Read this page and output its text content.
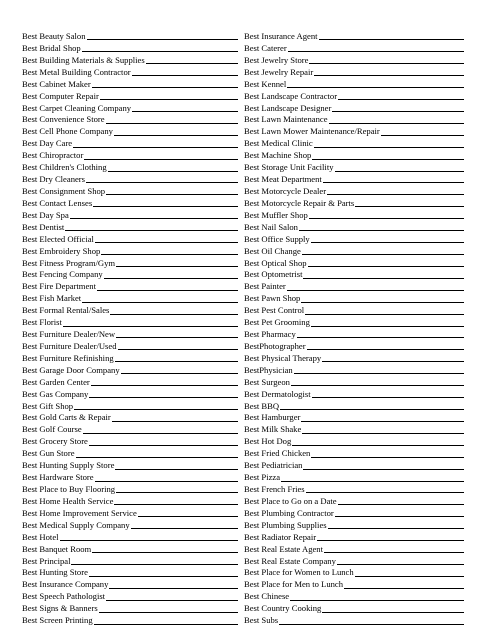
Best Beauty Salon
Best Bridal Shop
Best Building Materials & Supplies
Best Metal Building Contractor
Best Cabinet Maker
Best Computer Repair
Best Carpet Cleaning Company
Best Convenience Store
Best Cell Phone Company
Best Day Care
Best Chiropractor
Best Children's Clothing
Best Dry Cleaners
Best Consignment Shop
Best Contact Lenses
Best Day Spa
Best Dentist
Best Elected Official
Best Embroidery Shop
Best Fitness Program/Gym
Best Fencing Company
Best Fire Department
Best Fish Market
Best Formal Rental/Sales
Best Florist
Best Furniture Dealer/New
Best Furniture Dealer/Used
Best Furniture Refinishing
Best Garage Door Company
Best Garden Center
Best Gas Company
Best Gift Shop
Best Gold Carts & Repair
Best Golf Course
Best Grocery Store
Best Gun Store
Best Hunting Supply Store
Best Hardware Store
Best Place to Buy Flooring
Best Home Health Service
Best Home Improvement Service
Best Medical Supply Company
Best Hotel
Best Banquet Room
Best Principal
Best Hunting Store
Best Insurance Company
Best Speech Pathologist
Best Signs & Banners
Best Screen Printing
Best Insurance Agent
Best Caterer
Best Jewelry Store
Best Jewelry Repair
Best Kennel
Best Landscape Contractor
Best Landscape Designer
Best Lawn Maintenance
Best Lawn Mower Maintenance/Repair
Best Medical Clinic
Best Machine Shop
Best Storage Unit Facility
Best Meat Department
Best Motorcycle Dealer
Best Motorcycle Repair & Parts
Best Muffler Shop
Best Nail Salon
Best Office Supply
Best Oil Change
Best Optical Shop
Best Optometrist
Best Painter
Best Pawn Shop
Best Pest Control
Best Pet Grooming
Best Pharmacy
BestPhotographer
Best Physical Therapy
BestPhysician
Best Surgeon
Best Dermatologist
Best BBQ
Best Hamburger
Best Milk Shake
Best Hot Dog
Best Fried Chicken
Best Pediatrician
Best Pizza
Best French Fries
Best Place to Go on a Date
Best Plumbing Contractor
Best Plumbing Supplies
Best Radiator Repair
Best Real Estate Agent
Best Real Estate Company
Best Place for Women to Lunch
Best Place for Men to Lunch
Best Chinese
Best Country Cooking
Best Subs
